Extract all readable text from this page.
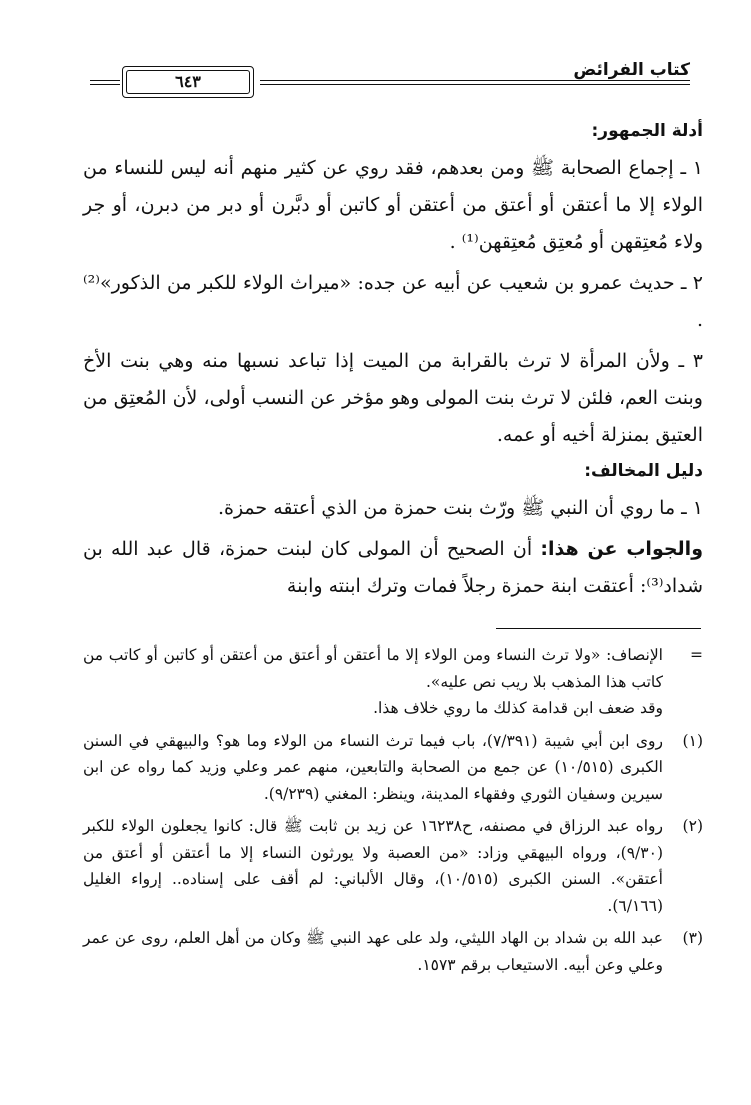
كتاب الفرائض
٦٤٣
أدلة الجمهور:

١ ـ إجماع الصحابة ﷺ ومن بعدهم، فقد روي عن كثير منهم أنه ليس للنساء من الولاء إلا ما أعتقن أو أعتق من أعتقن أو كاتبن أو دبَّرن أو دبر من دبرن، أو جر ولاء مُعتِقهن أو مُعتِق مُعتِقهن⁽¹⁾ .

٢ ـ حديث عمرو بن شعيب عن أبيه عن جده: «ميراث الولاء للكبر من الذكور»⁽²⁾ .

٣ ـ ولأن المرأة لا ترث بالقرابة من الميت إذا تباعد نسبها منه وهي بنت الأخ وبنت العم، فلئن لا ترث بنت المولى وهو مؤخر عن النسب أولى، لأن المُعتِق من العتيق بمنزلة أخيه أو عمه.

دليل المخالف:

١ ـ ما روي أن النبي ﷺ ورّث بنت حمزة من الذي أعتقه حمزة.

والجواب عن هذا: أن الصحيح أن المولى كان لبنت حمزة، قال عبد الله بن شداد⁽³⁾: أعتقت ابنة حمزة رجلاً فمات وترك ابنته وابنة

=
الإنصاف: «ولا ترث النساء ومن الولاء إلا ما أعتقن أو أعتق من أعتقن أو كاتبن أو كاتب من كاتب هذا المذهب بلا ريب نص عليه».
وقد ضعف ابن قدامة كذلك ما روي خلاف هذا.
(١)
روى ابن أبي شيبة (٧/٣٩١)، باب فيما ترث النساء من الولاء وما هو؟ والبيهقي في السنن الكبرى (١٠/٥١٥) عن جمع من الصحابة والتابعين، منهم عمر وعلي وزيد كما رواه عن ابن سيرين وسفيان الثوري وفقهاء المدينة، وينظر: المغني (٩/٢٣٩).
(٢)
رواه عبد الرزاق في مصنفه، ح١٦٢٣٨ عن زيد بن ثابت ﷺ قال: كانوا يجعلون الولاء للكبر (٩/٣٠)، ورواه البيهقي وزاد: «من العصبة ولا يورثون النساء إلا ما أعتقن أو أعتق من أعتقن». السنن الكبرى (١٠/٥١٥)، وقال الألباني: لم أقف على إسناده.. إرواء الغليل (٦/١٦٦).
(٣)
عبد الله بن شداد بن الهاد الليثي، ولد على عهد النبي ﷺ وكان من أهل العلم، روى عن عمر وعلي وعن أبيه. الاستيعاب برقم ١٥٧٣.
